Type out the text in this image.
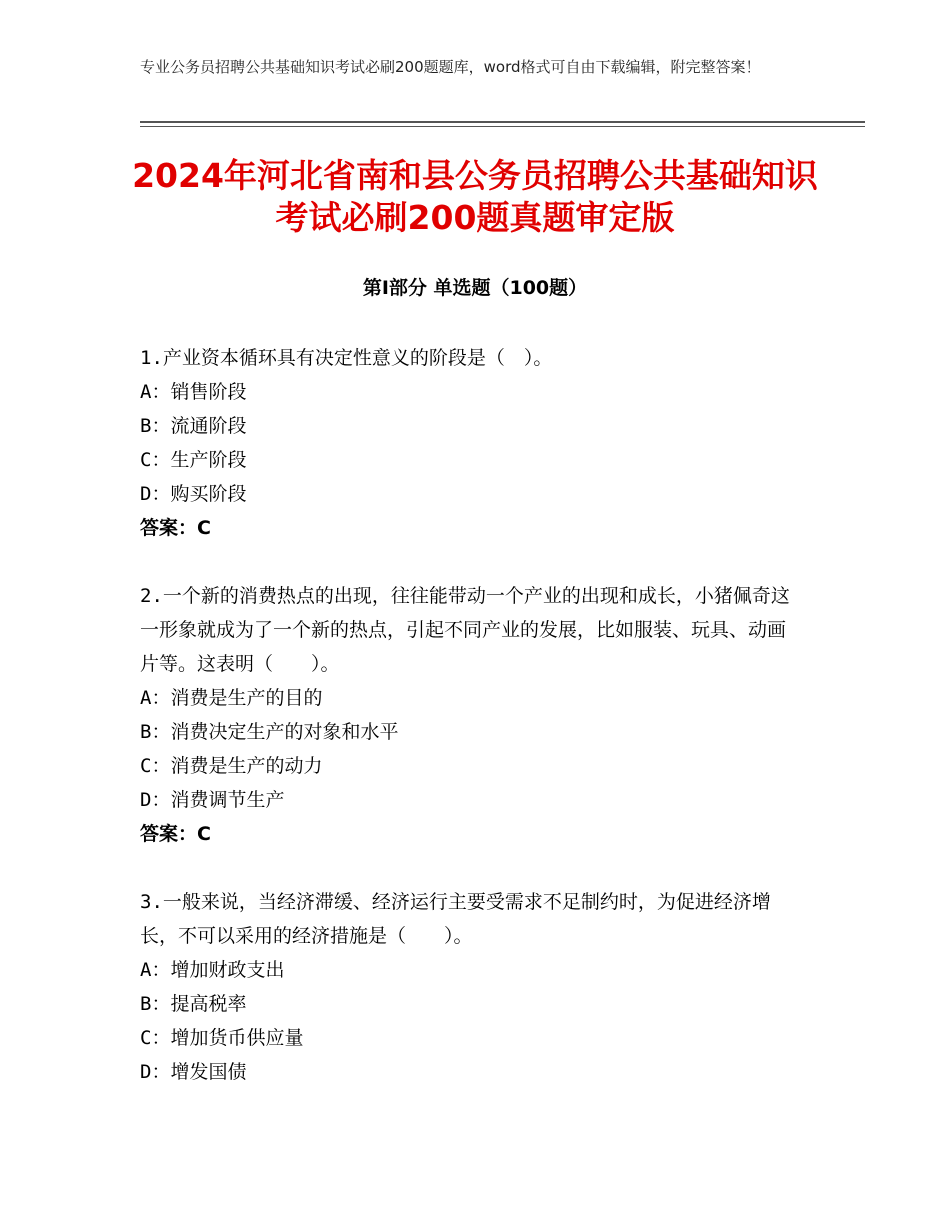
专业公务员招聘公共基础知识考试必刷200题题库，word格式可自由下载编辑，附完整答案！
2024年河北省南和县公务员招聘公共基础知识考试必刷200题真题审定版
第Ⅰ部分 单选题（100题）
1.产业资本循环具有决定性意义的阶段是（　）。
A：销售阶段
B：流通阶段
C：生产阶段
D：购买阶段
答案：C
2.一个新的消费热点的出现，往往能带动一个产业的出现和成长，小猪佩奇这一形象就成为了一个新的热点，引起不同产业的发展，比如服装、玩具、动画片等。这表明（　　）。
A：消费是生产的目的
B：消费决定生产的对象和水平
C：消费是生产的动力
D：消费调节生产
答案：C
3.一般来说，当经济滞缓、经济运行主要受需求不足制约时，为促进经济增长，不可以采用的经济措施是（　　）。
A：增加财政支出
B：提高税率
C：增加货币供应量
D：增发国债
